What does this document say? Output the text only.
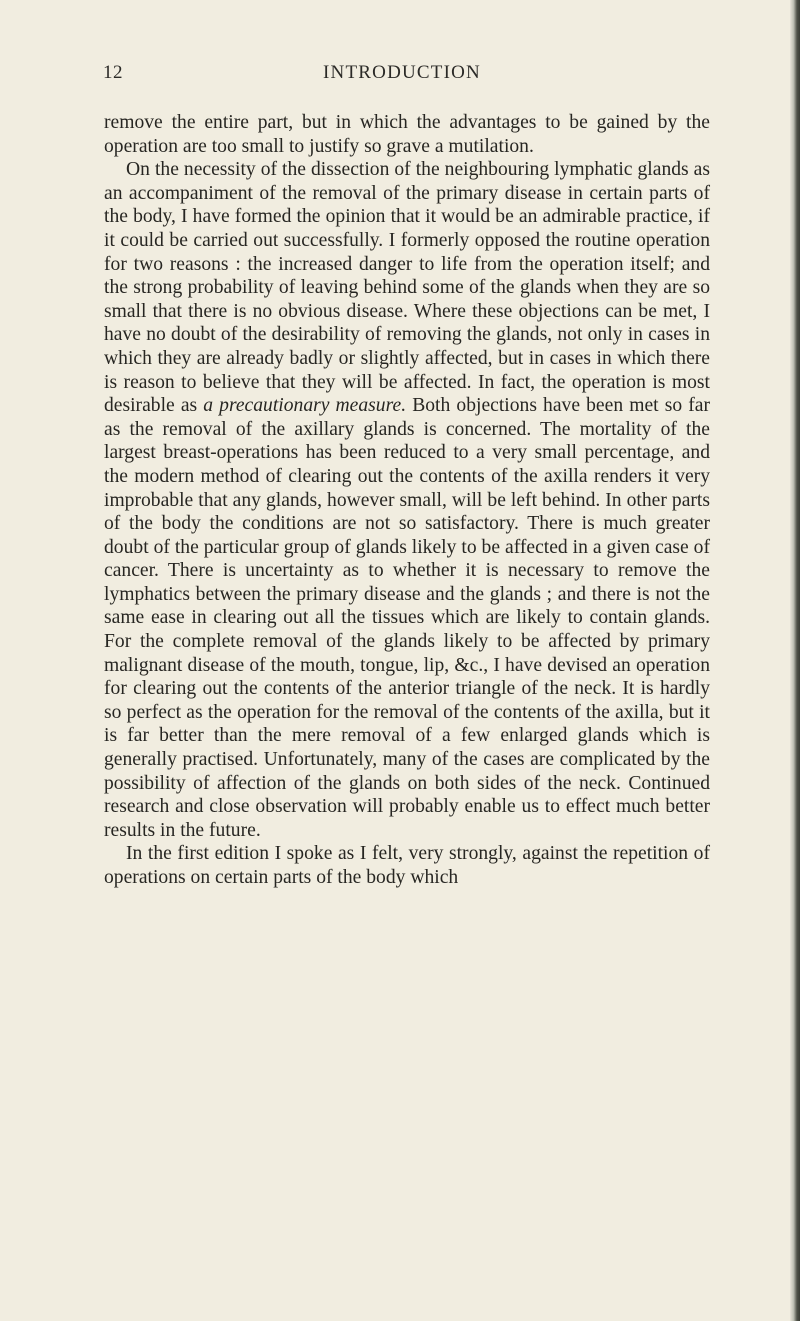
12	INTRODUCTION

remove the entire part, but in which the advantages to be gained by the operation are too small to justify so grave a mutilation.

On the necessity of the dissection of the neighbouring lymphatic glands as an accompaniment of the removal of the primary disease in certain parts of the body, I have formed the opinion that it would be an admirable practice, if it could be carried out successfully. I formerly opposed the routine operation for two reasons : the increased danger to life from the operation itself; and the strong probability of leaving behind some of the glands when they are so small that there is no obvious disease. Where these objections can be met, I have no doubt of the desirability of removing the glands, not only in cases in which they are already badly or slightly affected, but in cases in which there is reason to believe that they will be affected. In fact, the operation is most desirable as a precautionary measure. Both objections have been met so far as the removal of the axillary glands is concerned. The mortality of the largest breast-operations has been reduced to a very small percentage, and the modern method of clearing out the contents of the axilla renders it very improbable that any glands, however small, will be left behind. In other parts of the body the conditions are not so satisfactory. There is much greater doubt of the particular group of glands likely to be affected in a given case of cancer. There is uncertainty as to whether it is necessary to remove the lymphatics between the primary disease and the glands ; and there is not the same ease in clearing out all the tissues which are likely to contain glands. For the complete removal of the glands likely to be affected by primary malignant disease of the mouth, tongue, lip, &c., I have devised an operation for clearing out the contents of the anterior triangle of the neck. It is hardly so perfect as the operation for the removal of the contents of the axilla, but it is far better than the mere removal of a few enlarged glands which is generally practised. Unfortunately, many of the cases are complicated by the possibility of affection of the glands on both sides of the neck. Continued research and close observation will probably enable us to effect much better results in the future.

In the first edition I spoke as I felt, very strongly, against the repetition of operations on certain parts of the body which
